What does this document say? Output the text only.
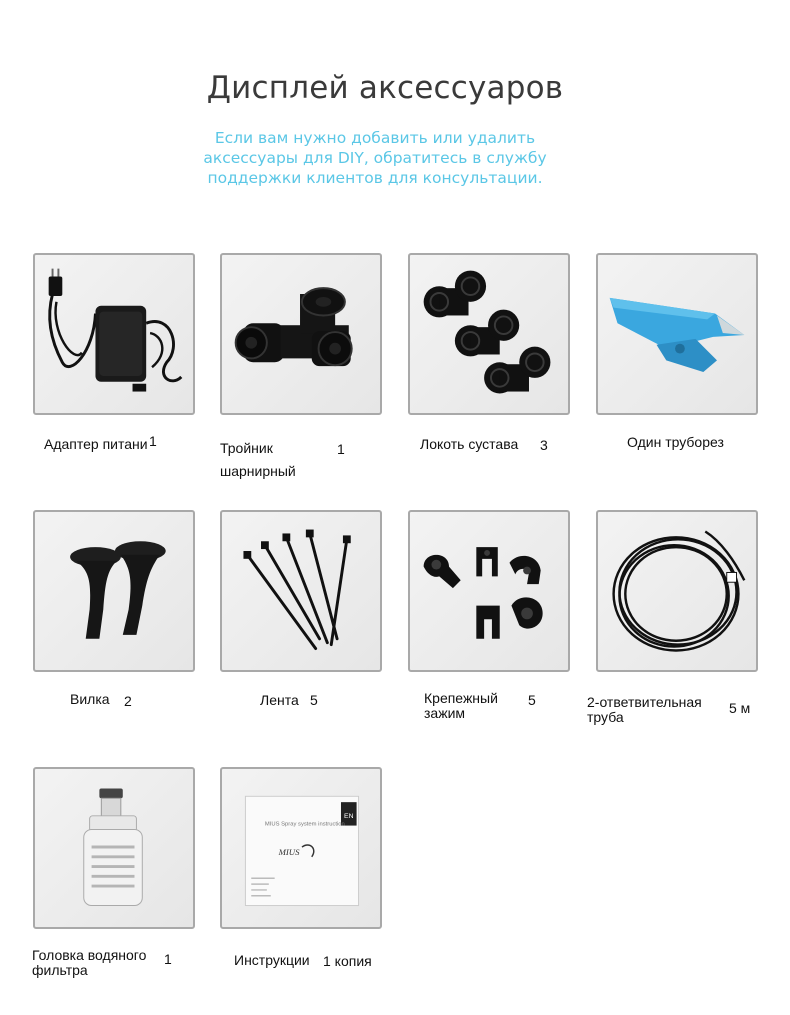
Дисплей аксессуаров
Если вам нужно добавить или удалить
аксессуары для DIY, обратитесь в службу
поддержки клиентов для консультации.
Адаптер питани 1	Тройник
шарнирный
1	Локоть сустава 3	Один труборез
Вилка 2	Лента 5	Крепежный
зажим
5	2-ответвительная
труба
5 м
Головка водяного
фильтра
1
EN
MIUS Spray system instruction
MIUS
Инструкции 1 копия
